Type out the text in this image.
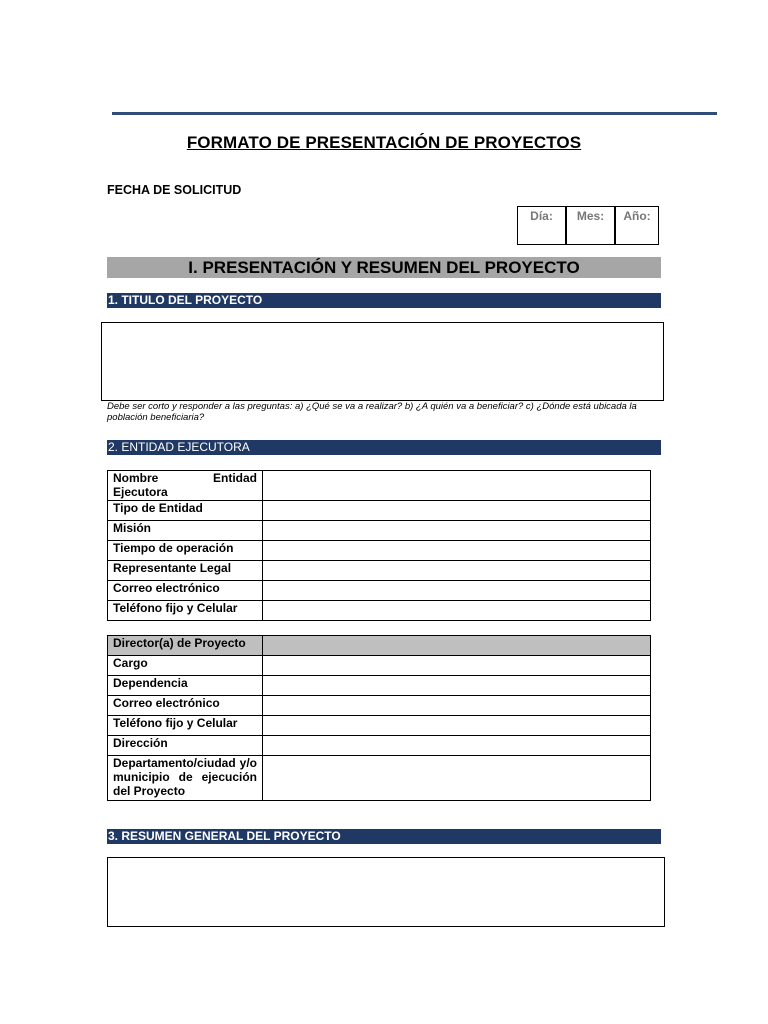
FORMATO DE PRESENTACIÓN DE PROYECTOS
FECHA DE SOLICITUD
Día:	Mes:	Año:
I. PRESENTACIÓN Y RESUMEN DEL PROYECTO
1. TITULO DEL PROYECTO
Debe ser corto y responder a las preguntas: a) ¿Qué se va a realizar? b) ¿A quién va a beneficiar? c) ¿Dónde está ubicada la población beneficiaria?
2. ENTIDAD EJECUTORA
Nombre Entidad Ejecutora	
Tipo de Entidad	
Misión	
Tiempo de operación	
Representante Legal	
Correo electrónico	
Teléfono fijo y Celular	
Director(a) de Proyecto	
Cargo	
Dependencia	
Correo electrónico	
Teléfono fijo y Celular	
Dirección	
Departamento/ciudad y/o municipio de ejecución del Proyecto	
3. RESUMEN GENERAL DEL PROYECTO
